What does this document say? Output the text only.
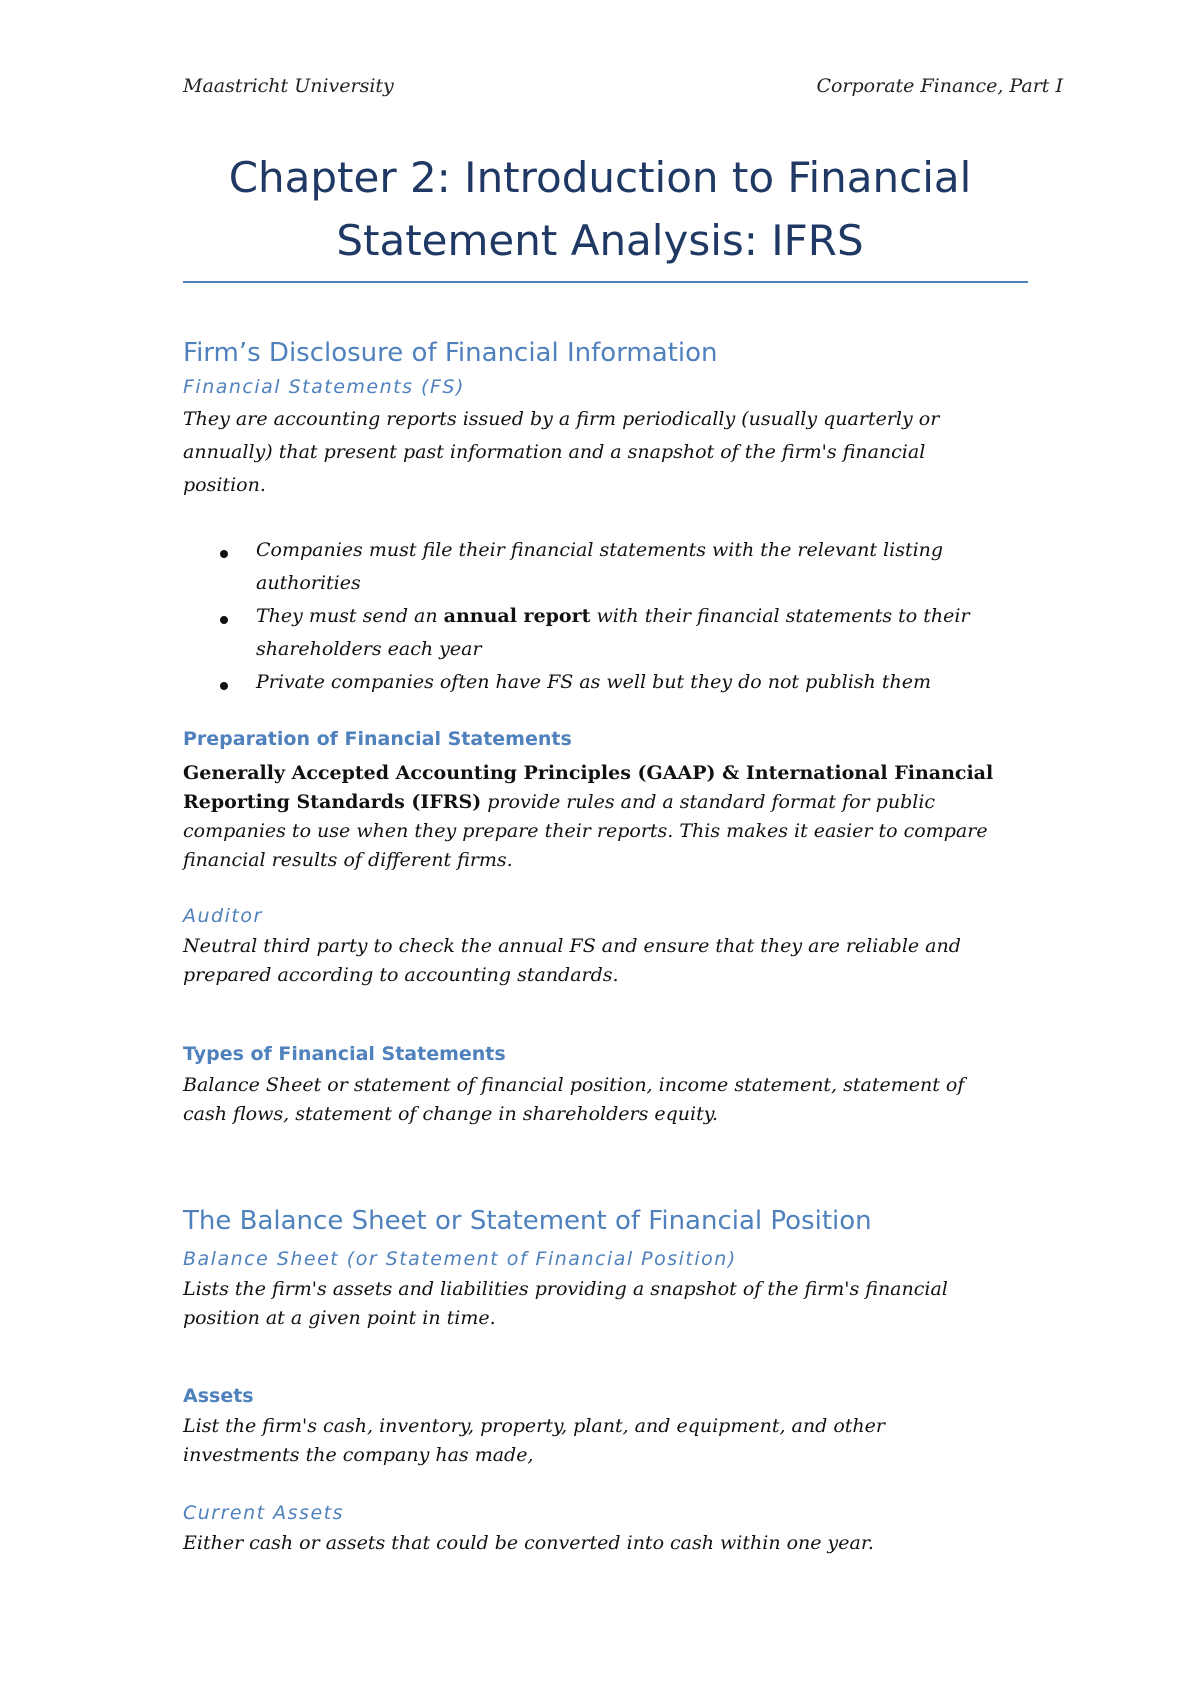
Maastricht University	Corporate Finance, Part I
Chapter 2: Introduction to Financial
Statement Analysis: IFRS
Firm’s Disclosure of Financial Information
Financial Statements (FS)
They are accounting reports issued by a firm periodically (usually quarterly or
annually) that present past information and a snapshot of the firm's financial
position.
Companies must file their financial statements with the relevant listing
authorities
They must send an annual report with their financial statements to their
shareholders each year
Private companies often have FS as well but they do not publish them
Preparation of Financial Statements
Generally Accepted Accounting Principles (GAAP) & International Financial
Reporting Standards (IFRS) provide rules and a standard format for public
companies to use when they prepare their reports. This makes it easier to compare
financial results of different firms.
Auditor
Neutral third party to check the annual FS and ensure that they are reliable and
prepared according to accounting standards.
Types of Financial Statements
Balance Sheet or statement of financial position, income statement, statement of
cash flows, statement of change in shareholders equity.
The Balance Sheet or Statement of Financial Position
Balance Sheet (or Statement of Financial Position)
Lists the firm's assets and liabilities providing a snapshot of the firm's financial
position at a given point in time.
Assets
List the firm's cash, inventory, property, plant, and equipment, and other
investments the company has made,
Current Assets
Either cash or assets that could be converted into cash within one year.
